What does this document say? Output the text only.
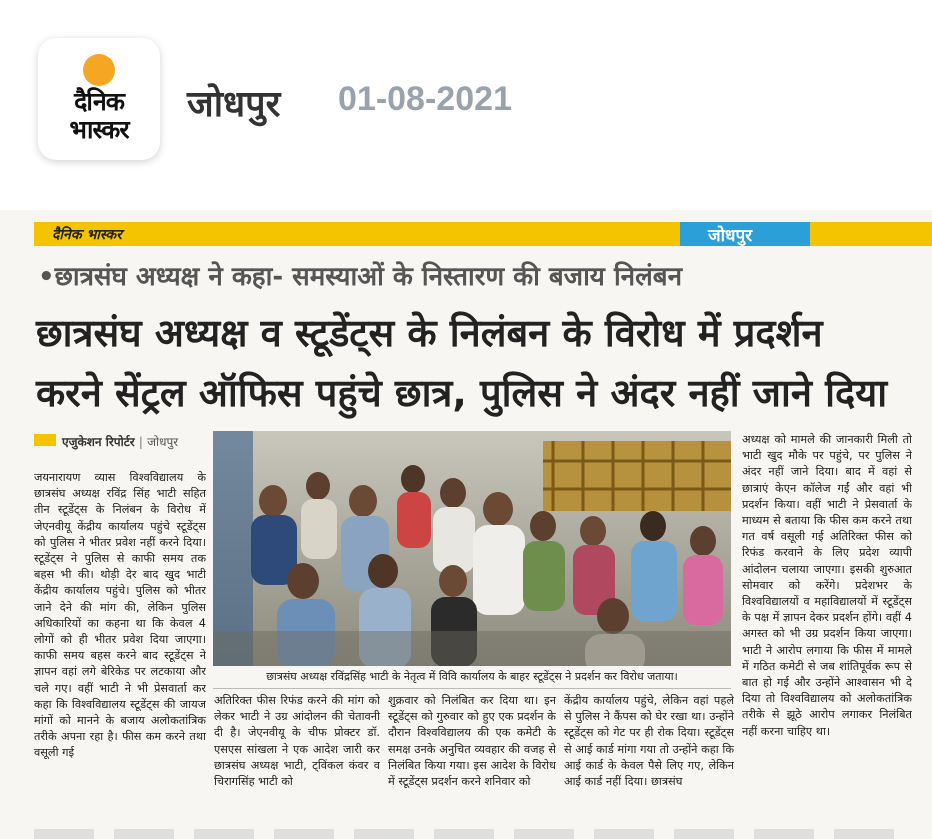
दैनिक
भास्कर
जोधपुर 01-08-2021
दैनिक भास्कर	जोधपुर
•छात्रसंघ अध्यक्ष ने कहा- समस्याओं के निस्तारण की बजाय निलंबन
छात्रसंघ अध्यक्ष व स्टूडेंट्स के निलंबन के विरोध में प्रदर्शन
करने सेंट्रल ऑफिस पहुंचे छात्र, पुलिस ने अंदर नहीं जाने दिया
एजुकेशन रिपोर्टर | जोधपुर
जयनारायण व्यास विश्वविद्यालय के छात्रसंघ अध्यक्ष रविंद्र सिंह भाटी सहित तीन स्टूडेंट्स के निलंबन के विरोध में जेएनवीयू केंद्रीय कार्यालय पहुंचे स्टूडेंट्स को पुलिस ने भीतर प्रवेश नहीं करने दिया। स्टूडेंट्स ने पुलिस से काफी समय तक बहस भी की। थोड़ी देर बाद खुद भाटी केंद्रीय कार्यालय पहुंचे। पुलिस को भीतर जाने देने की मांग की, लेकिन पुलिस अधिकारियों का कहना था कि केवल 4 लोगों को ही भीतर प्रवेश दिया जाएगा। काफी समय बहस करने बाद स्टूडेंट्स ने ज्ञापन वहां लगे बेरिकेड पर लटकाया और चले गए। वहीं भाटी ने भी प्रेसवार्ता कर कहा कि विश्वविद्यालय स्टूडेंट्स की जायज मांगों को मानने के बजाय अलोकतांत्रिक तरीके अपना रहा है। फीस कम करने तथा वसूली गई
छात्रसंघ अध्यक्ष रविंद्रसिंह भाटी के नेतृत्व में विवि कार्यालय के बाहर स्टूडेंट्स ने प्रदर्शन कर विरोध जताया।
अतिरिक्त फीस रिफंड करने की मांग को लेकर भाटी ने उग्र आंदोलन की चेतावनी दी है। जेएनवीयू के चीफ प्रोक्टर डॉ. एसएस सांखला ने एक आदेश जारी कर छात्रसंघ अध्यक्ष भाटी, ट्विंकल कंवर व चिरागसिंह भाटी को
शुक्रवार को निलंबित कर दिया था। इन स्टूडेंट्स को गुरुवार को हुए एक प्रदर्शन के दौरान विश्वविद्यालय की एक कमेटी के समक्ष उनके अनुचित व्यवहार की वजह से निलंबित किया गया। इस आदेश के विरोध में स्टूडेंट्स प्रदर्शन करने शनिवार को
केंद्रीय कार्यालय पहुंचे, लेकिन वहां पहले से पुलिस ने कैंपस को घेर रखा था। उन्होंने स्टूडेंट्स को गेट पर ही रोक दिया। स्टूडेंट्स से आई कार्ड मांगा गया तो उन्होंने कहा कि आई कार्ड के केवल पैसे लिए गए, लेकिन आई कार्ड नहीं दिया। छात्रसंघ
अध्यक्ष को मामले की जानकारी मिली तो भाटी खुद मौके पर पहुंचे, पर पुलिस ने अंदर नहीं जाने दिया। बाद में वहां से छात्राएं केएन कॉलेज गईं और वहां भी प्रदर्शन किया। वहीं भाटी ने प्रेसवार्ता के माध्यम से बताया कि फीस कम करने तथा गत वर्ष वसूली गई अतिरिक्त फीस को रिफंड करवाने के लिए प्रदेश व्यापी आंदोलन चलाया जाएगा। इसकी शुरुआत सोमवार को करेंगे। प्रदेशभर के विश्वविद्यालयों व महाविद्यालयों में स्टूडेंट्स के पक्ष में ज्ञापन देकर प्रदर्शन होंगे। वहीं 4 अगस्त को भी उग्र प्रदर्शन किया जाएगा। भाटी ने आरोप लगाया कि फीस में मामले में गठित कमेटी से जब शांतिपूर्वक रूप से बात हो गई और उन्होंने आश्वासन भी दे दिया तो विश्वविद्यालय को अलोकतांत्रिक तरीके से झूठे आरोप लगाकर निलंबित नहीं करना चाहिए था।
